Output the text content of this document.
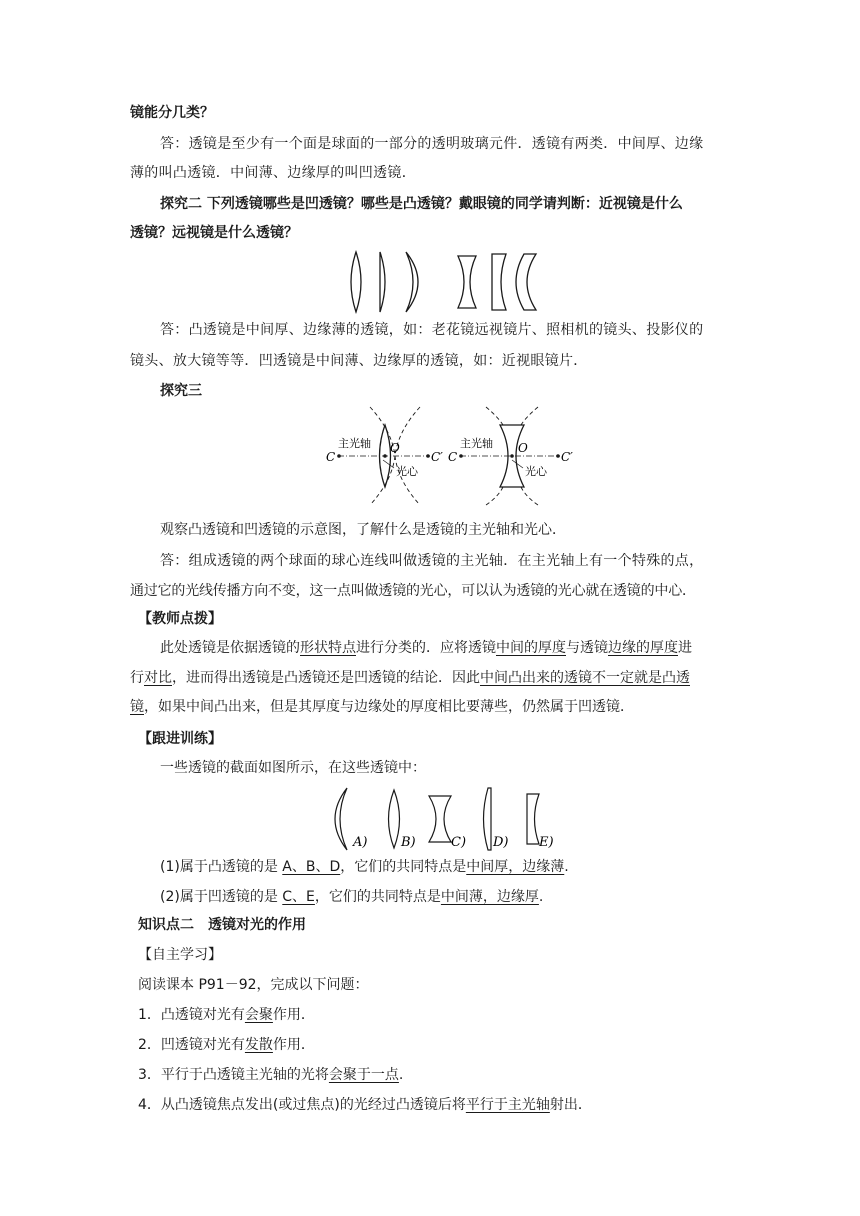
镜能分几类？
答：透镜是至少有一个面是球面的一部分的透明玻璃元件．透镜有两类．中间厚、边缘
薄的叫凸透镜．中间薄、边缘厚的叫凹透镜．
探究二 下列透镜哪些是凹透镜？哪些是凸透镜？戴眼镜的同学请判断：近视镜是什么
透镜？远视镜是什么透镜？
答：凸透镜是中间厚、边缘薄的透镜，如：老花镜远视镜片、照相机的镜头、投影仪的
镜头、放大镜等等．凹透镜是中间薄、边缘厚的透镜，如：近视眼镜片．
探究三
主光轴
C
O
C′
光心
主光轴
C
O
C′
光心
观察凸透镜和凹透镜的示意图，了解什么是透镜的主光轴和光心．
答：组成透镜的两个球面的球心连线叫做透镜的主光轴．在主光轴上有一个特殊的点，
通过它的光线传播方向不变，这一点叫做透镜的光心，可以认为透镜的光心就在透镜的中心．
【教师点拨】
此处透镜是依据透镜的形状特点进行分类的．应将透镜中间的厚度与透镜边缘的厚度进
行对比，进而得出透镜是凸透镜还是凹透镜的结论．因此中间凸出来的透镜不一定就是凸透
镜，如果中间凸出来，但是其厚度与边缘处的厚度相比要薄些，仍然属于凹透镜．
【跟进训练】
一些透镜的截面如图所示，在这些透镜中：
A)	B)	C) D) E)
(1)属于凸透镜的是 A、B、D，它们的共同特点是中间厚，边缘薄.
(2)属于凹透镜的是 C、E，它们的共同特点是中间薄，边缘厚.
知识点二　透镜对光的作用
【自主学习】
阅读课本 P91－92，完成以下问题：
1．凸透镜对光有会聚作用．
2．凹透镜对光有发散作用．
3．平行于凸透镜主光轴的光将会聚于一点.
4．从凸透镜焦点发出(或过焦点)的光经过凸透镜后将平行于主光轴射出．
